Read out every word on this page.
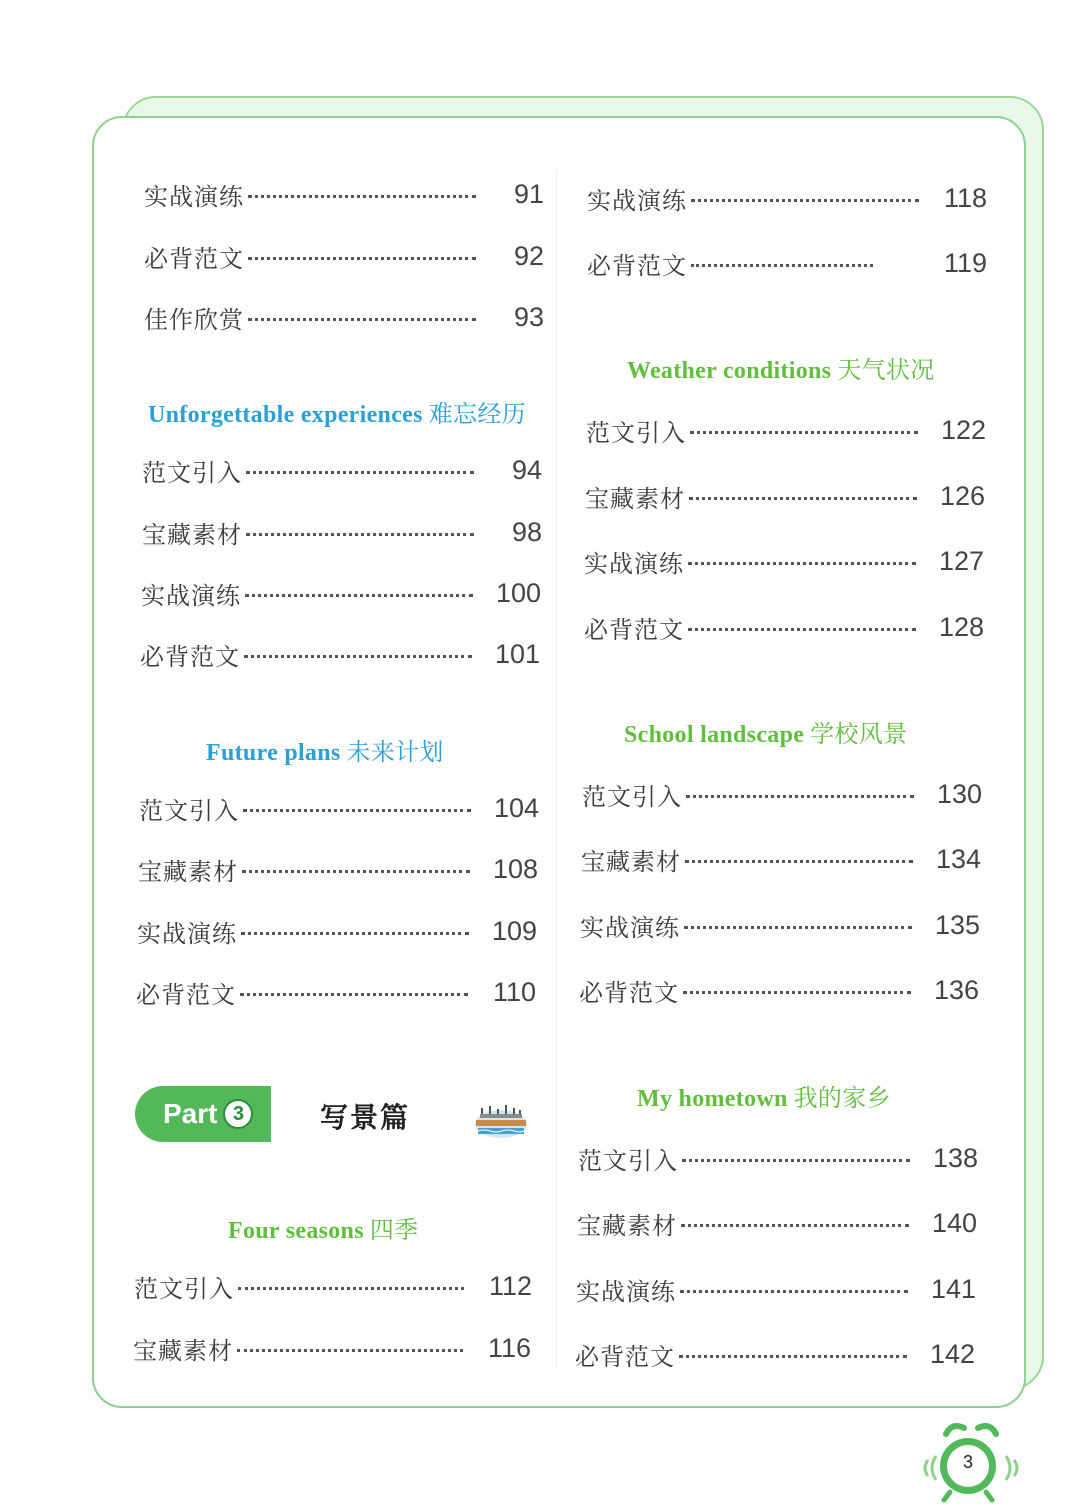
实战演练	91
必背范文	92
佳作欣赏	93
Unforgettable experiences 难忘经历
范文引入	94
宝藏素材	98
实战演练	100
必背范文	101
Future plans 未来计划
范文引入	104
宝藏素材	108
实战演练	109
必背范文	110
Part 3	写景篇
Four seasons 四季
范文引入	112
宝藏素材	116
实战演练	118
必背范文	119
Weather conditions 天气状况
范文引入	122
宝藏素材	126
实战演练	127
必背范文	128
School landscape 学校风景
范文引入	130
宝藏素材	134
实战演练	135
必背范文	136
My hometown 我的家乡
范文引入	138
宝藏素材	140
实战演练	141
必背范文	142
3
